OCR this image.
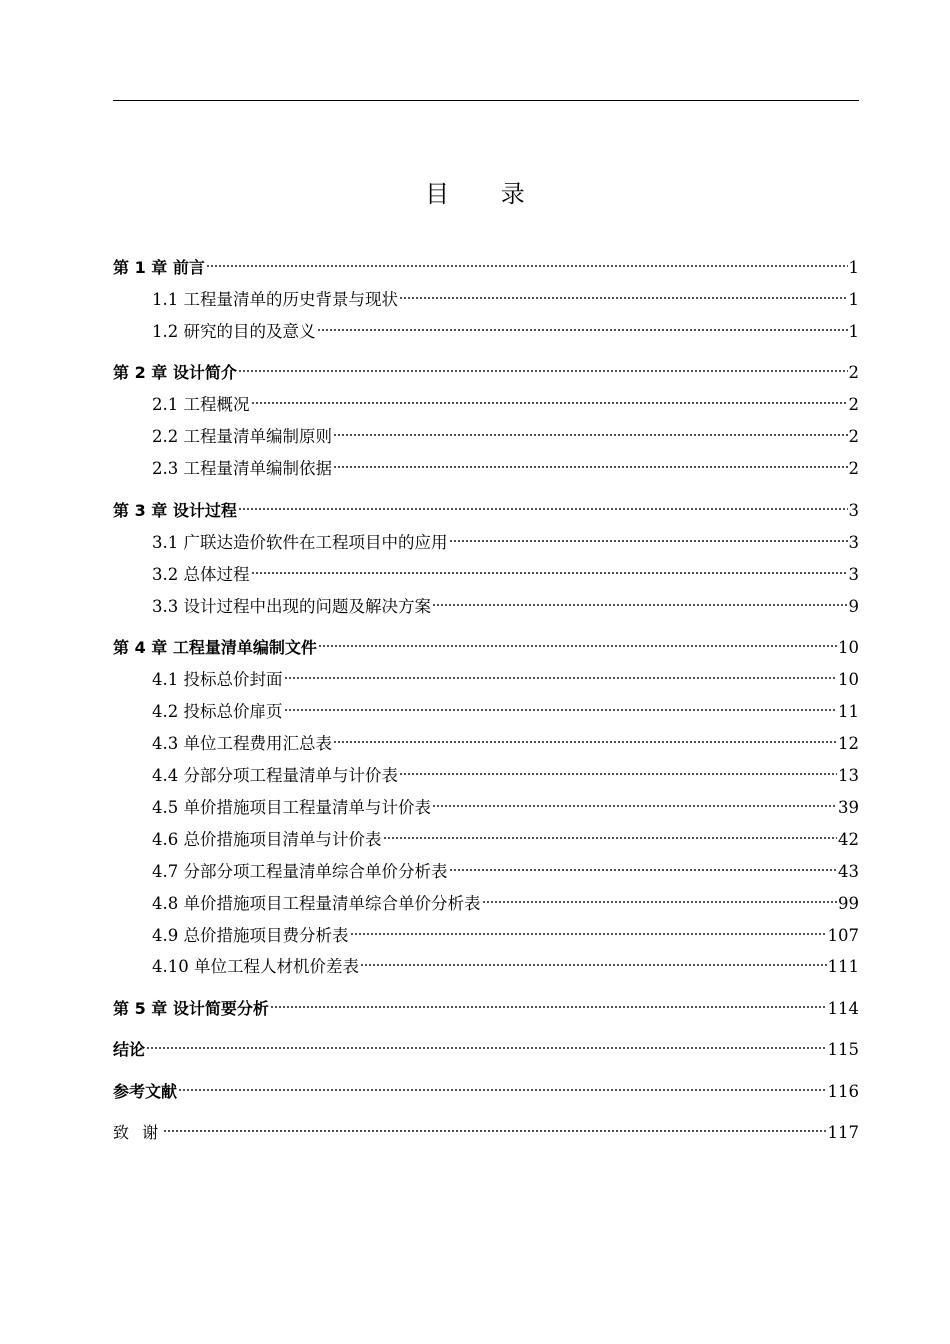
目 录
第 1 章 前言	1
1.1 工程量清单的历史背景与现状	1
1.2 研究的目的及意义	1
第 2 章 设计简介	2
2.1 工程概况	2
2.2 工程量清单编制原则	2
2.3 工程量清单编制依据	2
第 3 章 设计过程	3
3.1 广联达造价软件在工程项目中的应用	3
3.2 总体过程	3
3.3 设计过程中出现的问题及解决方案	9
第 4 章 工程量清单编制文件	10
4.1 投标总价封面	10
4.2 投标总价扉页	11
4.3 单位工程费用汇总表	12
4.4 分部分项工程量清单与计价表	13
4.5 单价措施项目工程量清单与计价表	39
4.6 总价措施项目清单与计价表	42
4.7 分部分项工程量清单综合单价分析表	43
4.8 单价措施项目工程量清单综合单价分析表	99
4.9 总价措施项目费分析表	107
4.10 单位工程人材机价差表	111
第 5 章 设计简要分析	114
结论	115
参考文献	116
致 谢	117
